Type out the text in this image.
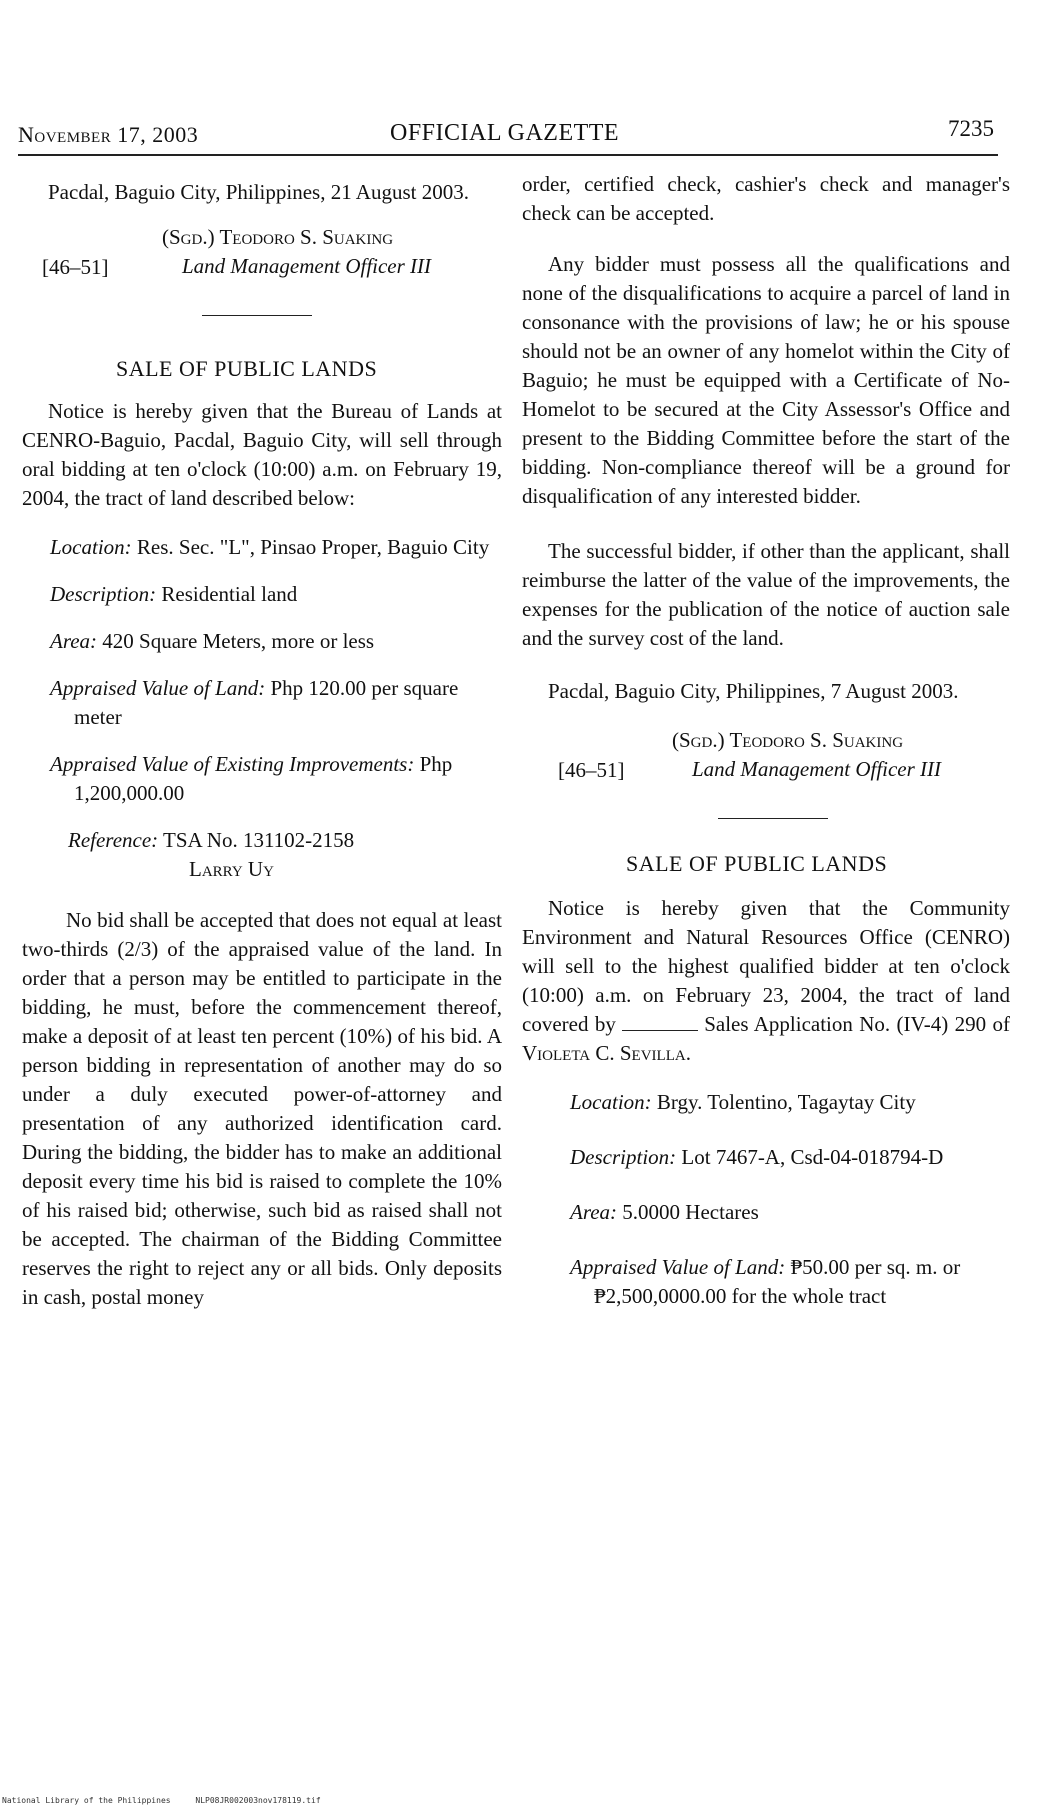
November 17, 2003	OFFICIAL GAZETTE	7235

Pacdal, Baguio City, Philippines, 21 August 2003.

(Sgd.) Teodoro S. Suaking
[46–51]	Land Management Officer III

SALE OF PUBLIC LANDS

Notice is hereby given that the Bureau of Lands at CENRO-Baguio, Pacdal, Baguio City, will sell through oral bidding at ten o'clock (10:00) a.m. on February 19, 2004, the tract of land described below:

Location: Res. Sec. "L", Pinsao Proper, Baguio City

Description: Residential land

Area: 420 Square Meters, more or less

Appraised Value of Land: Php 120.00 per square meter

Appraised Value of Existing Improvements: Php 1,200,000.00

Reference: TSA No. 131102-2158
Larry Uy

No bid shall be accepted that does not equal at least two-thirds (2/3) of the appraised value of the land. In order that a person may be entitled to participate in the bidding, he must, before the commencement thereof, make a deposit of at least ten percent (10%) of his bid. A person bidding in representation of another may do so under a duly executed power-of-attorney and presentation of any authorized identification card. During the bidding, the bidder has to make an additional deposit every time his bid is raised to complete the 10% of his raised bid; otherwise, such bid as raised shall not be accepted. The chairman of the Bidding Committee reserves the right to reject any or all bids. Only deposits in cash, postal money

order, certified check, cashier's check and manager's check can be accepted.

Any bidder must possess all the qualifications and none of the disqualifications to acquire a parcel of land in consonance with the provisions of law; he or his spouse should not be an owner of any homelot within the City of Baguio; he must be equipped with a Certificate of No-Homelot to be secured at the City Assessor's Office and present to the Bidding Committee before the start of the bidding. Non-compliance thereof will be a ground for disqualification of any interested bidder.

The successful bidder, if other than the applicant, shall reimburse the latter of the value of the improvements, the expenses for the publication of the notice of auction sale and the survey cost of the land.

Pacdal, Baguio City, Philippines, 7 August 2003.

(Sgd.) Teodoro S. Suaking
[46–51]	Land Management Officer III

SALE OF PUBLIC LANDS

Notice is hereby given that the Community Environment and Natural Resources Office (CENRO) will sell to the highest qualified bidder at ten o'clock (10:00) a.m. on February 23, 2004, the tract of land covered by	Sales Application No. (IV-4) 290 of Violeta C. Sevilla.

Location: Brgy. Tolentino, Tagaytay City

Description: Lot 7467-A, Csd-04-018794-D

Area: 5.0000 Hectares

Appraised Value of Land: ₱50.00 per sq. m. or ₱2,500,0000.00 for the whole tract

National Library of the Philippines	NLP08JR002003nov178119.tif
